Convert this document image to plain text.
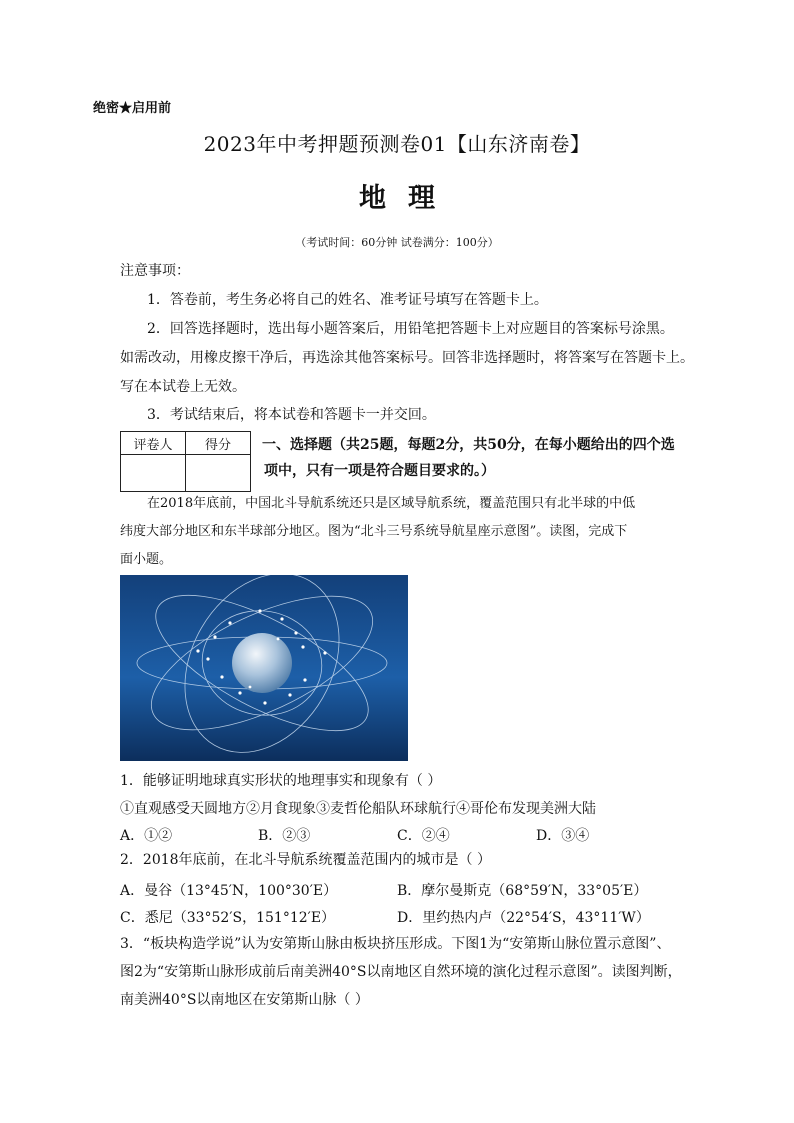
绝密★启用前
2023年中考押题预测卷01【山东济南卷】
地理
（考试时间：60分钟 试卷满分：100分）
注意事项：
1．答卷前，考生务必将自己的姓名、准考证号填写在答题卡上。
2．回答选择题时，选出每小题答案后，用铅笔把答题卡上对应题目的答案标号涂黑。
如需改动，用橡皮擦干净后，再选涂其他答案标号。回答非选择题时，将答案写在答题卡上。
写在本试卷上无效。
3．考试结束后，将本试卷和答题卡一并交回。
评卷人	得分
	一、选择题（共25题，每题2分，共50分，在每小题给出的四个选
项中，只有一项是符合题目要求的。）
在2018年底前，中国北斗导航系统还只是区域导航系统，覆盖范围只有北半球的中低
纬度大部分地区和东半球部分地区。图为“北斗三号系统导航星座示意图”。读图，完成下
面小题。
1．能够证明地球真实形状的地理事实和现象有（ ）
①直观感受天圆地方②月食现象③麦哲伦船队环球航行④哥伦布发现美洲大陆
A．①②	B．②③	C．②④	D．③④
2．2018年底前，在北斗导航系统覆盖范围内的城市是（ ）
A．曼谷（13°45′N，100°30′E）	B．摩尔曼斯克（68°59′N，33°05′E）
C．悉尼（33°52′S，151°12′E）	D．里约热内卢（22°54′S，43°11′W）
3．“板块构造学说”认为安第斯山脉由板块挤压形成。下图1为“安第斯山脉位置示意图”、
图2为“安第斯山脉形成前后南美洲40°S以南地区自然环境的演化过程示意图”。读图判断，
南美洲40°S以南地区在安第斯山脉（ ）
